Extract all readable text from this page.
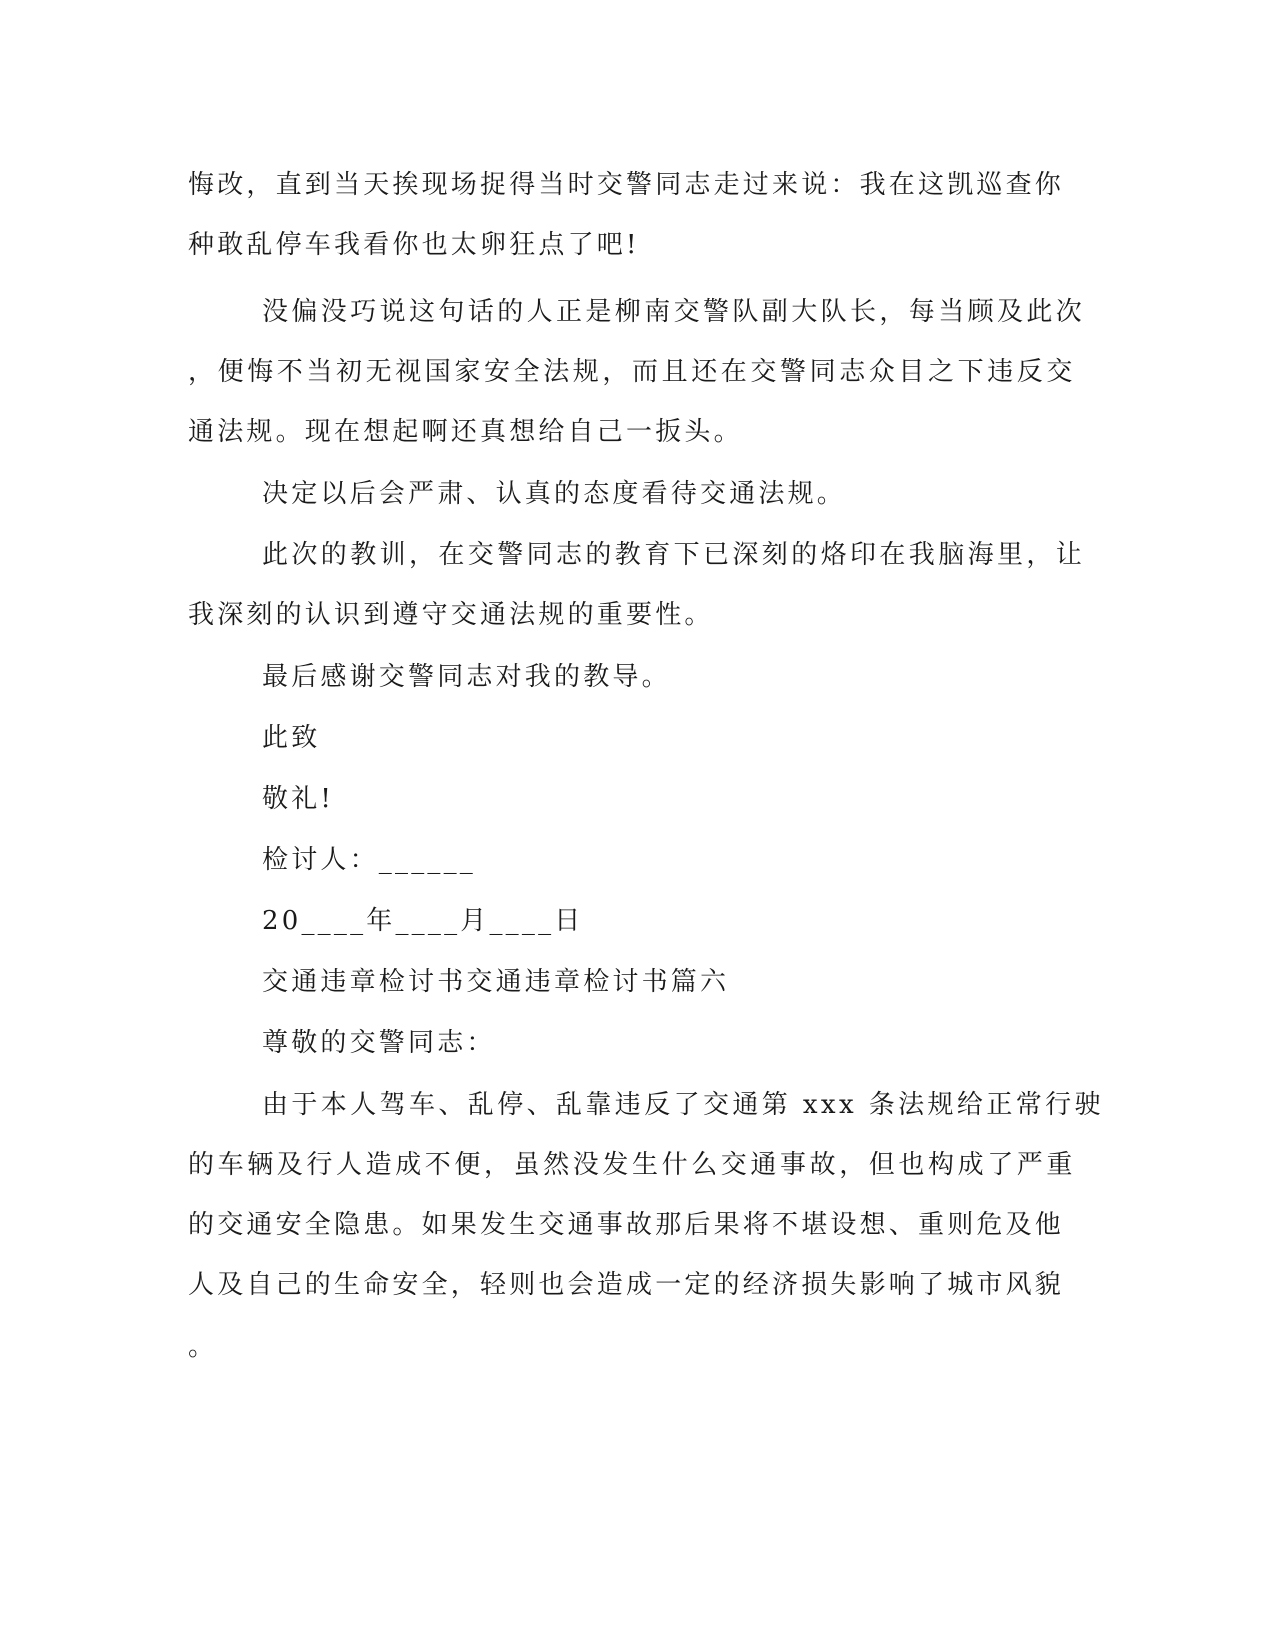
悔改，直到当天挨现场捉得当时交警同志走过来说：我在这凯巡查你
种敢乱停车我看你也太卵狂点了吧!
没偏没巧说这句话的人正是柳南交警队副大队长，每当顾及此次
，便悔不当初无视国家安全法规，而且还在交警同志众目之下违反交
通法规。现在想起啊还真想给自己一扳头。
决定以后会严肃、认真的态度看待交通法规。
此次的教训，在交警同志的教育下已深刻的烙印在我脑海里，让
我深刻的认识到遵守交通法规的重要性。
最后感谢交警同志对我的教导。
此致
敬礼!
检讨人：______
20____年____月____日
交通违章检讨书交通违章检讨书篇六
尊敬的交警同志：
由于本人驾车、乱停、乱靠违反了交通第 xxx 条法规给正常行驶
的车辆及行人造成不便，虽然没发生什么交通事故，但也构成了严重
的交通安全隐患。如果发生交通事故那后果将不堪设想、重则危及他
人及自己的生命安全，轻则也会造成一定的经济损失影响了城市风貌
。
